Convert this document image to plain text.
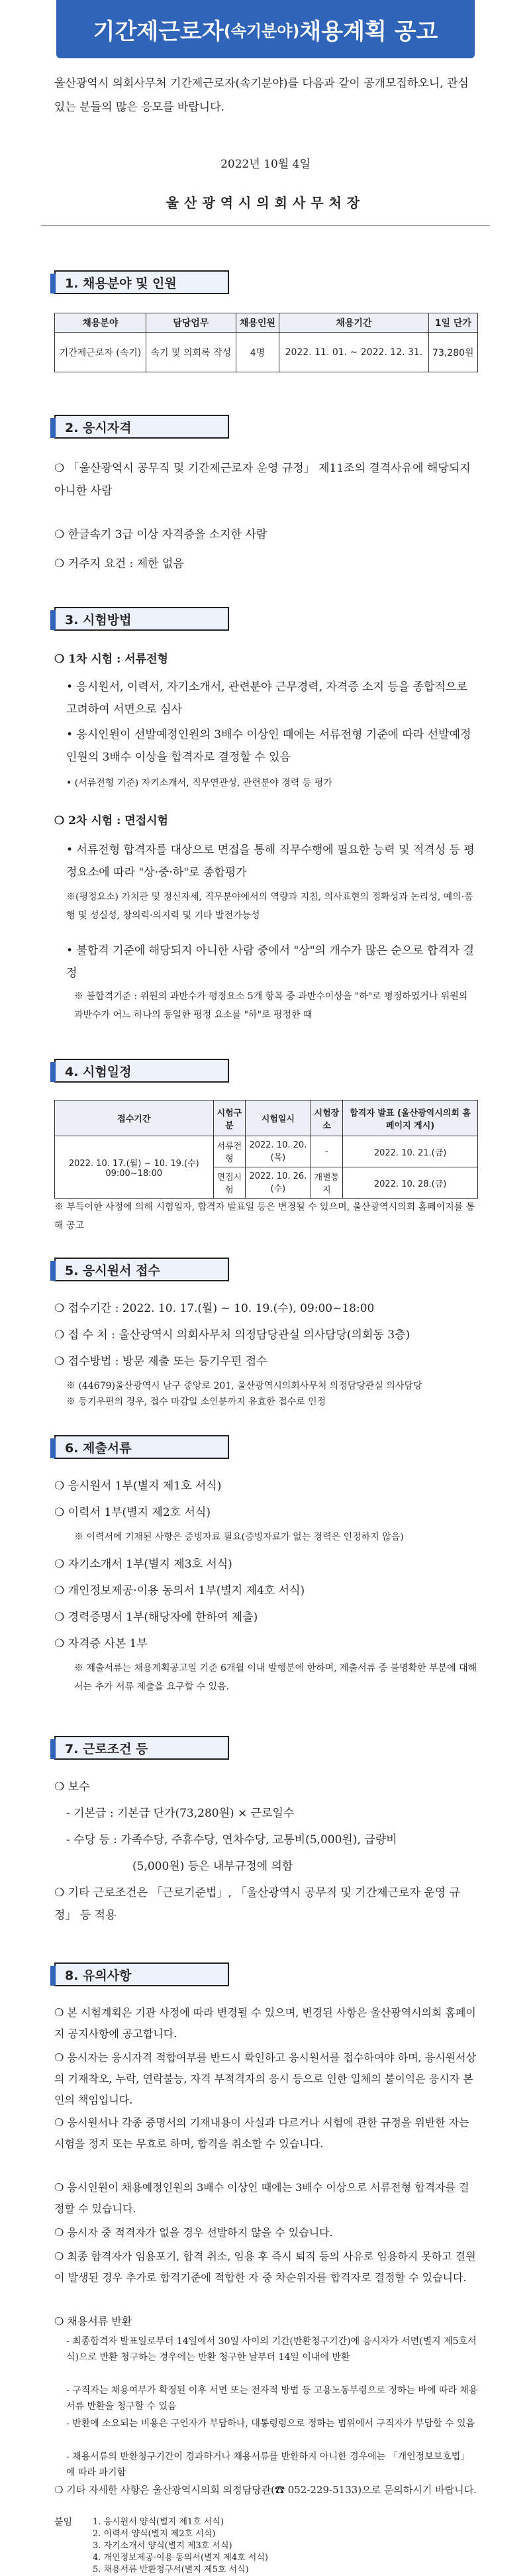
기간제근로자 (속기분야) 채용계획 공고
울산광역시 의회사무처 기간제근로자(속기분야)를 다음과 같이 공개모집하오니, 관심 있는 분들의 많은 응모를 바랍니다.
2022년 10월 4일
울산광역시의회사무처장
1. 채용분야 및 인원
채용분야	담당업무	채용인원	채용기간	1일 단가
기간제근로자 (속기)	속기 및 의회록 작성	4명	2022. 11. 01. ~ 2022. 12. 31.	73,280원
2. 응시자격
❍ 「울산광역시 공무직 및 기간제근로자 운영 규정」 제11조의 결격사유에 해당되지 아니한 사람
❍ 한글속기 3급 이상 자격증을 소지한 사람
❍ 거주지 요건 : 제한 없음
3. 시험방법
❍ 1차 시험 : 서류전형
• 응시원서, 이력서, 자기소개서, 관련분야 근무경력, 자격증 소지 등을 종합적으로 고려하여 서면으로 심사
• 응시인원이 선발예정인원의 3배수 이상인 때에는 서류전형 기준에 따라 선발예정인원의 3배수 이상을 합격자로 결정할 수 있음
• (서류전형 기준) 자기소개서, 직무연관성, 관련분야 경력 등 평가
❍ 2차 시험 : 면접시험
• 서류전형 합격자를 대상으로 면접을 통해 직무수행에 필요한 능력 및 적격성 등 평정요소에 따라 "상·중·하"로 종합평가
※(평정요소) 가치관 및 정신자세, 직무분야에서의 역량과 지침, 의사표현의 정확성과 논리성, 예의·품행 및 성실성, 창의력·의지력 및 기타 발전가능성
• 불합격 기준에 해당되지 아니한 사람 중에서 "상"의 개수가 많은 순으로 합격자 결정
※ 불합격기준 : 위원의 과반수가 평정요소 5개 항목 중 과반수이상을 "하"로 평정하였거나 위원의 과반수가 어느 하나의 동일한 평정 요소를 "하"로 평정한 때
4. 시험일정
접수기간	시험구분	시험일시	시험장소	합격자 발표 (울산광역시의회 홈페이지 게시)
2022. 10. 17.(월) ~ 10. 19.(수) 09:00~18:00	서류전형	2022. 10. 20.(목)	-	2022. 10. 21.(금)
	면접시험	2022. 10. 26.(수)	개별통지	2022. 10. 28.(금)
※ 부득이한 사정에 의해 시험일자, 합격자 발표일 등은 변경될 수 있으며, 울산광역시의회 홈페이지를 통해 공고
5. 응시원서 접수
❍ 접수기간 : 2022. 10. 17.(월) ~ 10. 19.(수), 09:00~18:00
❍ 접 수 처 : 울산광역시 의회사무처 의정담당관실 의사담당(의회동 3층)
❍ 접수방법 : 방문 제출 또는 등기우편 접수
※ (44679)울산광역시 남구 중앙로 201, 울산광역시의회사무처 의정담당관실 의사담당
※ 등기우편의 경우, 접수 마감일 소인분까지 유효한 접수로 인정
6. 제출서류
❍ 응시원서 1부(별지 제1호 서식)
❍ 이력서 1부(별지 제2호 서식)
※ 이력서에 기재된 사항은 증빙자료 필요(증빙자료가 없는 경력은 인정하지 않음)
❍ 자기소개서 1부(별지 제3호 서식)
❍ 개인정보제공·이용 동의서 1부(별지 제4호 서식)
❍ 경력증명서 1부(해당자에 한하여 제출)
❍ 자격증 사본 1부
※ 제출서류는 채용계획공고일 기준 6개월 이내 발행분에 한하며, 제출서류 중 불명확한 부분에 대해서는 추가 서류 제출을 요구할 수 있음.
7. 근로조건 등
❍ 보수
- 기본급 : 기본급 단가(73,280원) × 근로일수
- 수당 등 : 가족수당, 주휴수당, 연차수당, 교통비(5,000원), 급량비
(5,000원) 등은 내부규정에 의함
❍ 기타 근로조건은 「근로기준법」, 「울산광역시 공무직 및 기간제근로자 운영 규정」 등 적용
8. 유의사항
❍ 본 시험계획은 기관 사정에 따라 변경될 수 있으며, 변경된 사항은 울산광역시의회 홈페이지 공지사항에 공고합니다.
❍ 응시자는 응시자격 적합여부를 반드시 확인하고 응시원서를 접수하여야 하며, 응시원서상의 기재착오, 누락, 연락불능, 자격 부적격자의 응시 등으로 인한 일체의 불이익은 응시자 본인의 책임입니다.
❍ 응시원서나 각종 증명서의 기재내용이 사실과 다르거나 시험에 관한 규정을 위반한 자는 시험을 정지 또는 무효로 하며, 합격을 취소할 수 있습니다.
❍ 응시인원이 채용예정인원의 3배수 이상인 때에는 3배수 이상으로 서류전형 합격자를 결정할 수 있습니다.
❍ 응시자 중 적격자가 없을 경우 선발하지 않을 수 있습니다.
❍ 최종 합격자가 임용포기, 합격 취소, 임용 후 즉시 퇴직 등의 사유로 임용하지 못하고 결원이 발생된 경우 추가로 합격기준에 적합한 자 중 차순위자를 합격자로 결정할 수 있습니다.
❍ 채용서류 반환
- 최종합격자 발표일로부터 14일에서 30일 사이의 기간(반환청구기간)에 응시자가 서면(별지 제5호서식)으로 반환 청구하는 경우에는 반환 청구한 날부터 14일 이내에 반환
- 구직자는 채용여부가 확정된 이후 서면 또는 전자적 방법 등 고용노동부령으로 정하는 바에 따라 채용서류 반환을 청구할 수 있음
- 반환에 소요되는 비용은 구인자가 부담하나, 대통령령으로 정하는 범위에서 구직자가 부담할 수 있음
- 채용서류의 반환청구기간이 경과하거나 채용서류를 반환하지 아니한 경우에는 「개인정보보호법」에 따라 파기함
❍ 기타 자세한 사항은 울산광역시의회 의정담당관(☎ 052-229-5133)으로 문의하시기 바랍니다.
붙임	1. 응시원서 양식(별지 제1호 서식)
2. 이력서 양식(별지 제2호 서식)
3. 자기소개서 양식(별지 제3호 서식)
4. 개인정보제공·이용 동의서(별지 제4호 서식)
5. 채용서류 반환청구서(별지 제5호 서식)
